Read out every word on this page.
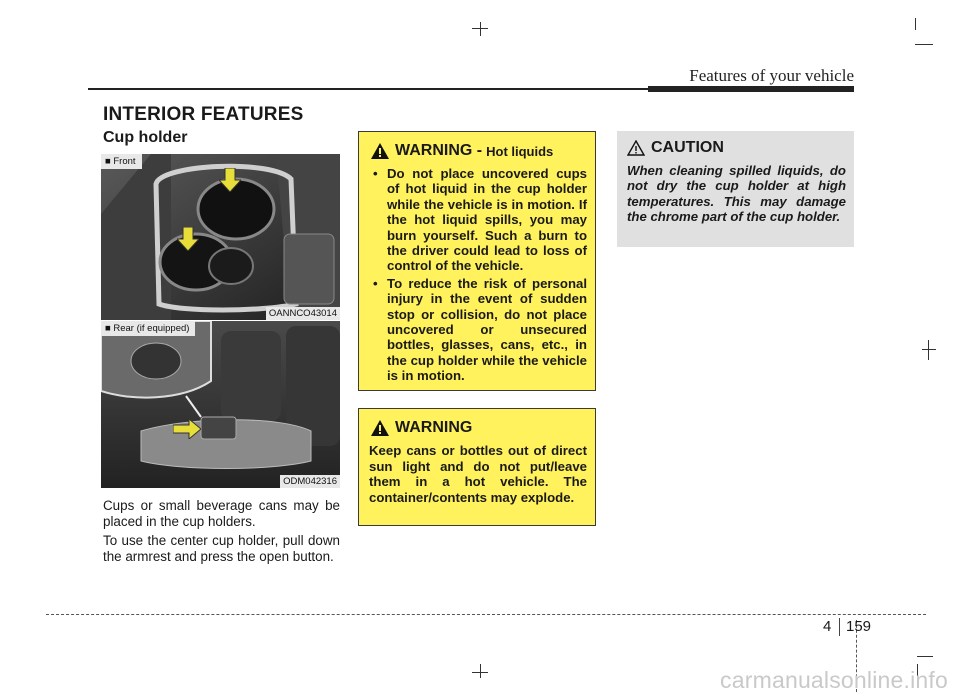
Features of your vehicle
INTERIOR FEATURES
Cup holder
■ Front
OANNCO43014
■ Rear (if equipped)
ODM042316
Cups or small beverage cans may be placed in the cup holders.
To use the center cup holder, pull down the armrest and press the open button.
WARNING - Hot liquids
• Do not place uncovered cups of hot liquid in the cup holder while the vehicle is in motion. If the hot liquid spills, you may burn yourself. Such a burn to the driver could lead to loss of control of the vehicle.
• To reduce the risk of personal injury in the event of sudden stop or collision, do not place uncovered or unsecured bottles, glasses, cans, etc., in the cup holder while the vehicle is in motion.
WARNING
Keep cans or bottles out of direct sun light and do not put/leave them in a hot vehicle. The container/contents may explode.
CAUTION
When cleaning spilled liquids, do not dry the cup holder at high temperatures. This may damage the chrome part of the cup holder.
4 159
carmanualsonline.info
